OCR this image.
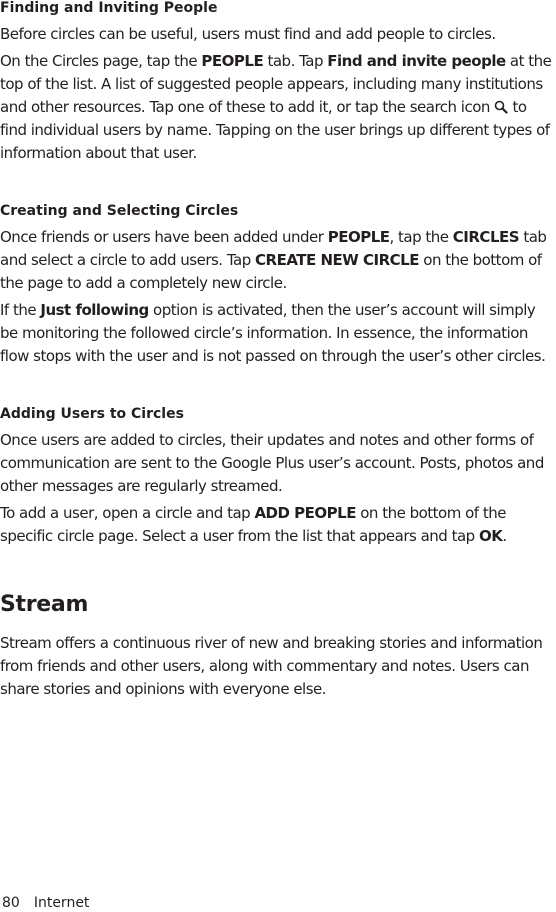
Finding and Inviting People

Before circles can be useful, users must find and add people to circles.

On the Circles page, tap the PEOPLE tab. Tap Find and invite people at the top of the list. A list of suggested people appears, including many institutions and other resources. Tap one of these to add it, or tap the search icon  to find individual users by name. Tapping on the user brings up different types of information about that user.

Creating and Selecting Circles

Once friends or users have been added under PEOPLE, tap the CIRCLES tab and select a circle to add users. Tap CREATE NEW CIRCLE on the bottom of the page to add a completely new circle.

If the Just following option is activated, then the user’s account will simply be monitoring the followed circle’s information. In essence, the information flow stops with the user and is not passed on through the user’s other circles.

Adding Users to Circles

Once users are added to circles, their updates and notes and other forms of communication are sent to the Google Plus user’s account. Posts, photos and other messages are regularly streamed.

To add a user, open a circle and tap ADD PEOPLE on the bottom of the specific circle page. Select a user from the list that appears and tap OK.

Stream

Stream offers a continuous river of new and breaking stories and information from friends and other users, along with commentary and notes. Users can share stories and opinions with everyone else.

80 Internet
